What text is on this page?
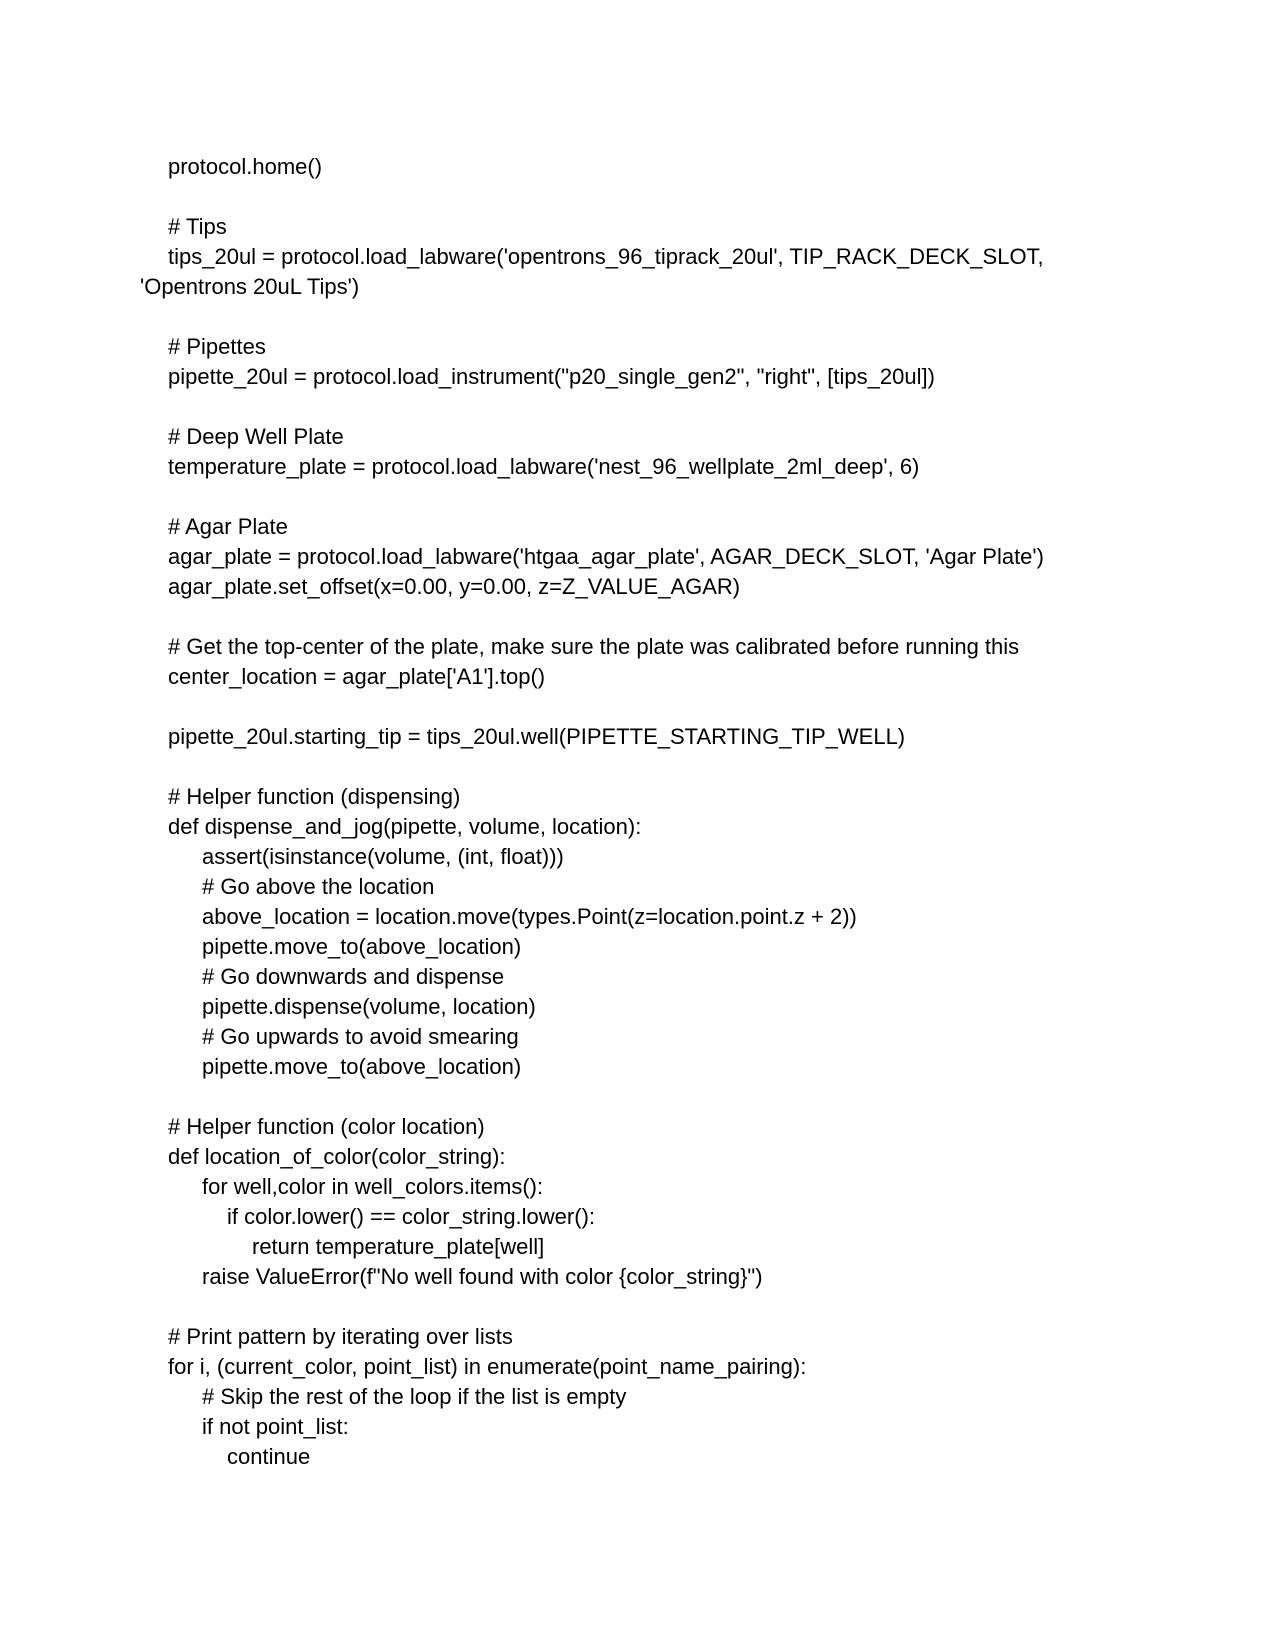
protocol.home()
# Tips
tips_20ul = protocol.load_labware('opentrons_96_tiprack_20ul', TIP_RACK_DECK_SLOT,
'Opentrons 20uL Tips')
# Pipettes
pipette_20ul = protocol.load_instrument("p20_single_gen2", "right", [tips_20ul])
# Deep Well Plate
temperature_plate = protocol.load_labware('nest_96_wellplate_2ml_deep', 6)
# Agar Plate
agar_plate = protocol.load_labware('htgaa_agar_plate', AGAR_DECK_SLOT, 'Agar Plate')
agar_plate.set_offset(x=0.00, y=0.00, z=Z_VALUE_AGAR)
# Get the top-center of the plate, make sure the plate was calibrated before running this
center_location = agar_plate['A1'].top()
pipette_20ul.starting_tip = tips_20ul.well(PIPETTE_STARTING_TIP_WELL)
# Helper function (dispensing)
def dispense_and_jog(pipette, volume, location):
assert(isinstance(volume, (int, float)))
# Go above the location
above_location = location.move(types.Point(z=location.point.z + 2))
pipette.move_to(above_location)
# Go downwards and dispense
pipette.dispense(volume, location)
# Go upwards to avoid smearing
pipette.move_to(above_location)
# Helper function (color location)
def location_of_color(color_string):
for well,color in well_colors.items():
if color.lower() == color_string.lower():
return temperature_plate[well]
raise ValueError(f"No well found with color {color_string}")
# Print pattern by iterating over lists
for i, (current_color, point_list) in enumerate(point_name_pairing):
# Skip the rest of the loop if the list is empty
if not point_list:
continue
